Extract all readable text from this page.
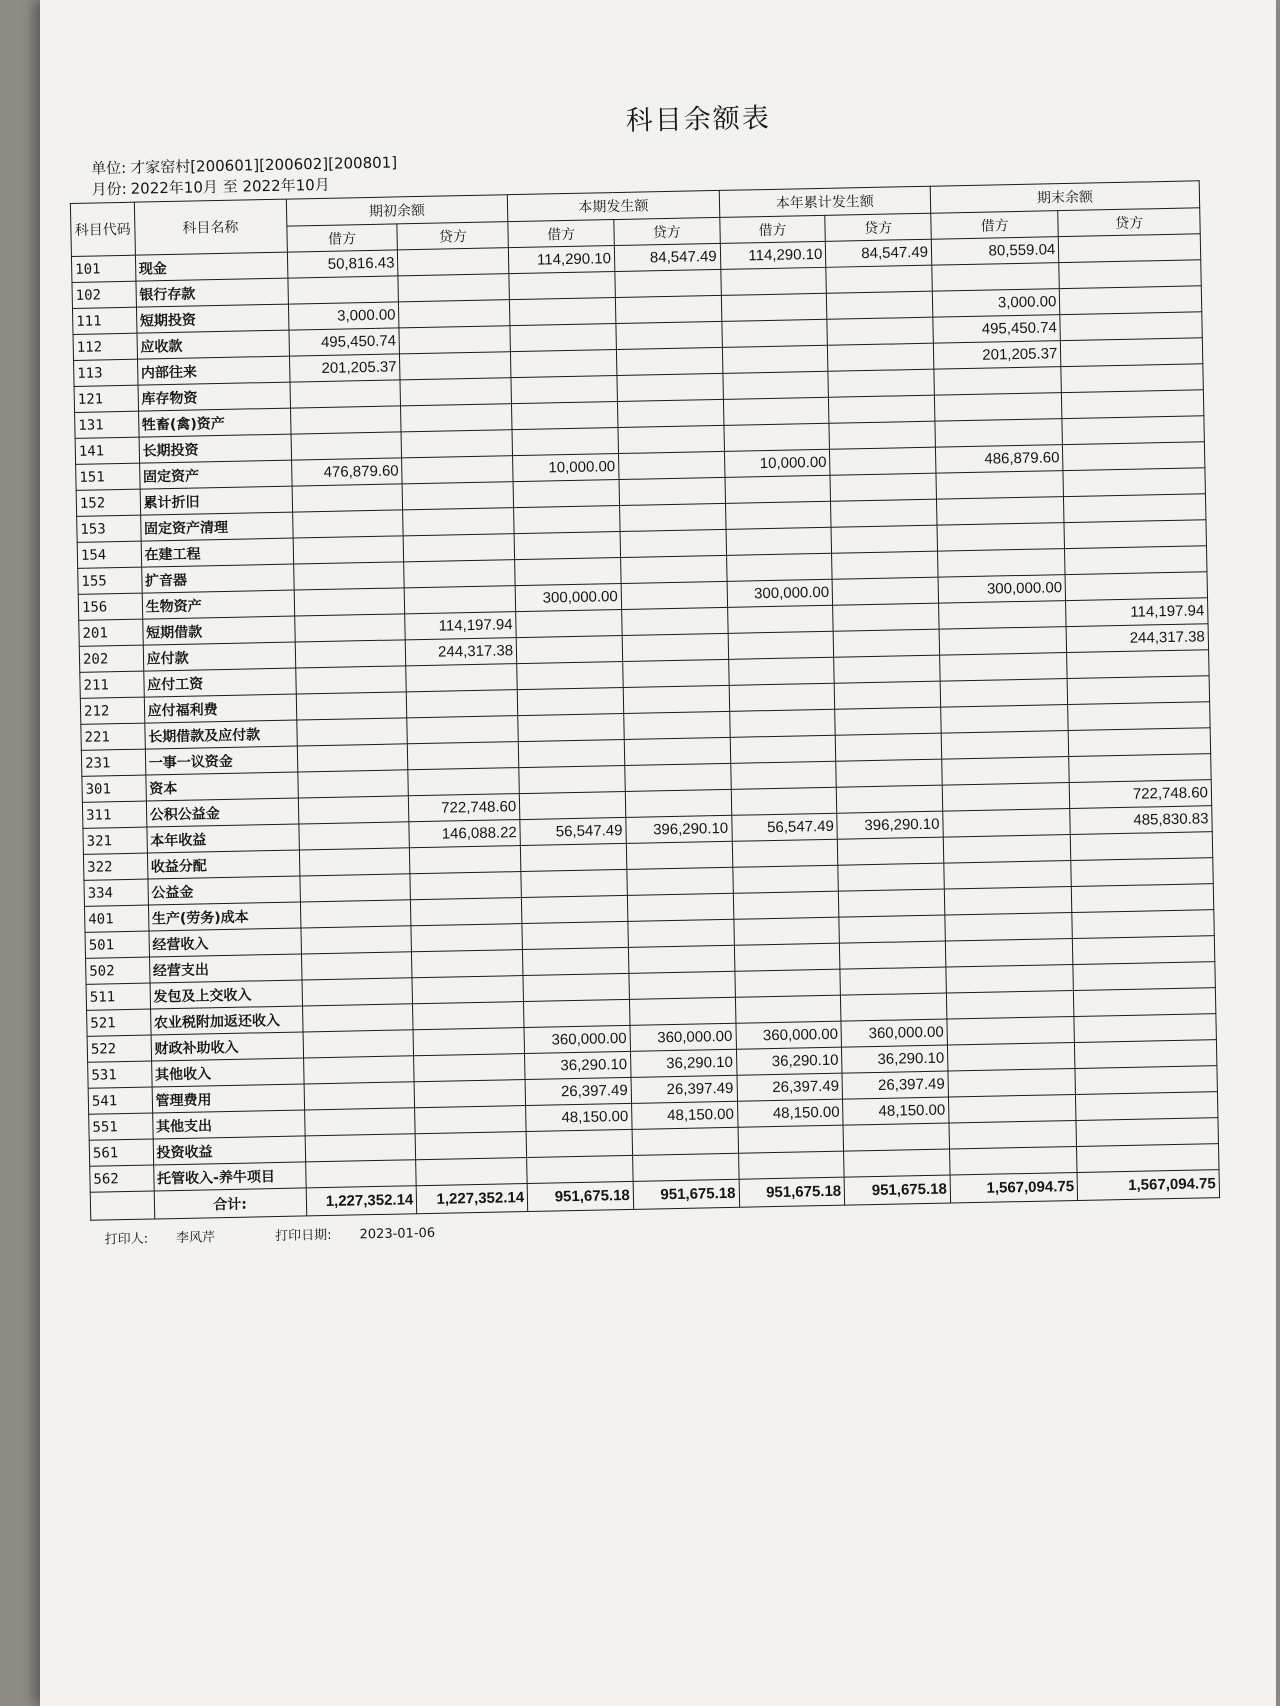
科目余额表
单位: 才家窑村[200601][200602][200801]
月份: 2022年10月 至 2022年10月
科目代码	科目名称	期初余额		本期发生额		本年累计发生额		期末余额	
		借方	贷方	借方	贷方	借方	贷方	借方	贷方
101	现金	50,816.43		114,290.10	84,547.49	114,290.10	84,547.49	80,559.04	
102	银行存款								
111	短期投资	3,000.00						3,000.00	
112	应收款	495,450.74						495,450.74	
113	内部往来	201,205.37						201,205.37	
121	库存物资								
131	牲畜(禽)资产								
141	长期投资								
151	固定资产	476,879.60		10,000.00		10,000.00		486,879.60	
152	累计折旧								
153	固定资产清理								
154	在建工程								
155	扩音器								
156	生物资产			300,000.00		300,000.00		300,000.00	
201	短期借款		114,197.94						114,197.94
202	应付款		244,317.38						244,317.38
211	应付工资								
212	应付福利费								
221	长期借款及应付款								
231	一事一议资金								
301	资本								
311	公积公益金		722,748.60						722,748.60
321	本年收益		146,088.22	56,547.49	396,290.10	56,547.49	396,290.10		485,830.83
322	收益分配								
334	公益金								
401	生产(劳务)成本								
501	经营收入								
502	经营支出								
511	发包及上交收入								
521	农业税附加返还收入								
522	财政补助收入			360,000.00	360,000.00	360,000.00	360,000.00		
531	其他收入			36,290.10	36,290.10	36,290.10	36,290.10		
541	管理费用			26,397.49	26,397.49	26,397.49	26,397.49		
551	其他支出			48,150.00	48,150.00	48,150.00	48,150.00		
561	投资收益								
562	托管收入-养牛项目								
	合计:	1,227,352.14	1,227,352.14	951,675.18	951,675.18	951,675.18	951,675.18	1,567,094.75	1,567,094.75
打印人: 李风芹	打印日期: 2023-01-06
